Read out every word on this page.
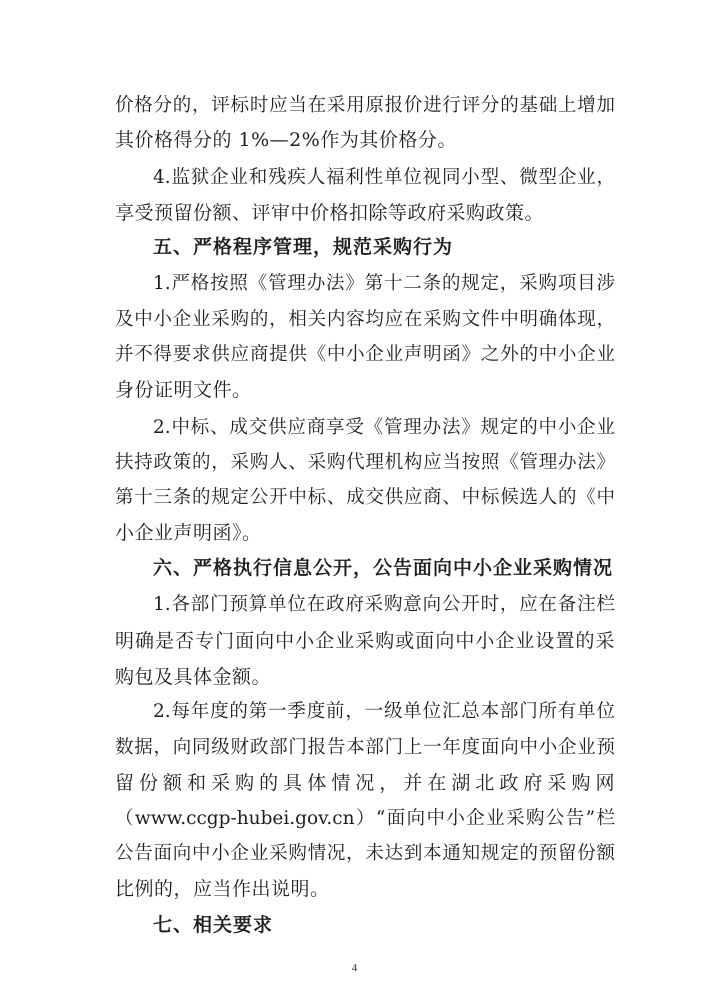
价格分的，评标时应当在采用原报价进行评分的基础上增加
其价格得分的 1%—2%作为其价格分。
4.监狱企业和残疾人福利性单位视同小型、微型企业，
享受预留份额、评审中价格扣除等政府采购政策。
五、严格程序管理，规范采购行为
1.严格按照《管理办法》第十二条的规定，采购项目涉
及中小企业采购的，相关内容均应在采购文件中明确体现，
并不得要求供应商提供《中小企业声明函》之外的中小企业
身份证明文件。
2.中标、成交供应商享受《管理办法》规定的中小企业
扶持政策的，采购人、采购代理机构应当按照《管理办法》
第十三条的规定公开中标、成交供应商、中标候选人的《中
小企业声明函》。
六、严格执行信息公开，公告面向中小企业采购情况
1.各部门预算单位在政府采购意向公开时，应在备注栏
明确是否专门面向中小企业采购或面向中小企业设置的采
购包及具体金额。
2.每年度的第一季度前，一级单位汇总本部门所有单位
数据，向同级财政部门报告本部门上一年度面向中小企业预
留份额和采购的具体情况，并在湖北政府采购网
（www.ccgp-hubei.gov.cn）“面向中小企业采购公告”栏
公告面向中小企业采购情况，未达到本通知规定的预留份额
比例的，应当作出说明。
七、相关要求
4
